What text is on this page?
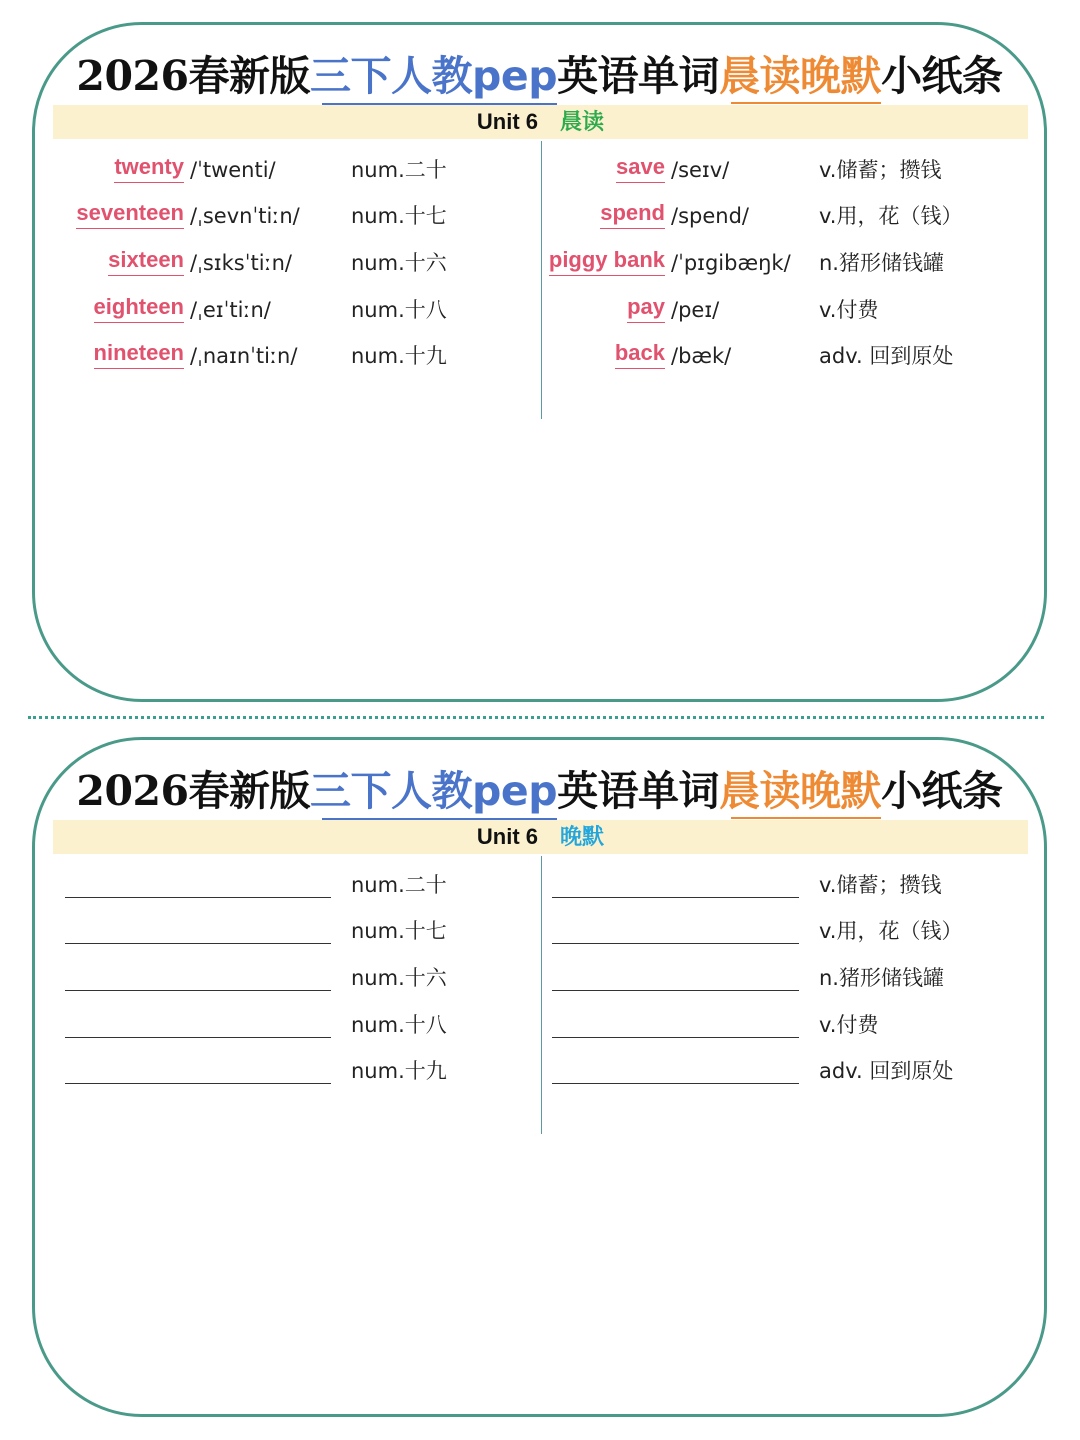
2026春新版三下人教pep英语单词晨读晚默小纸条
Unit 6 晨读
twenty /ˈtwenti/	num.二十
seventeen /ˌsevnˈtiːn/ num.十七
sixteen /ˌsɪksˈtiːn/	num.十六
eighteen /ˌeɪˈtiːn/	num.十八
nineteen /ˌnaɪnˈtiːn/	num.十九
save /seɪv/	v.储蓄；攒钱
spend /spend/	v.用，花（钱）
piggy bank /ˈpɪgibæŋk/ n.猪形储钱罐
pay /peɪ/	v.付费
back /bæk/	adv. 回到原处
2026春新版三下人教pep英语单词晨读晚默小纸条
Unit 6 晚默
num.二十
num.十七
num.十六
num.十八
num.十九
v.储蓄；攒钱
v.用，花（钱）
n.猪形储钱罐
v.付费
adv. 回到原处
